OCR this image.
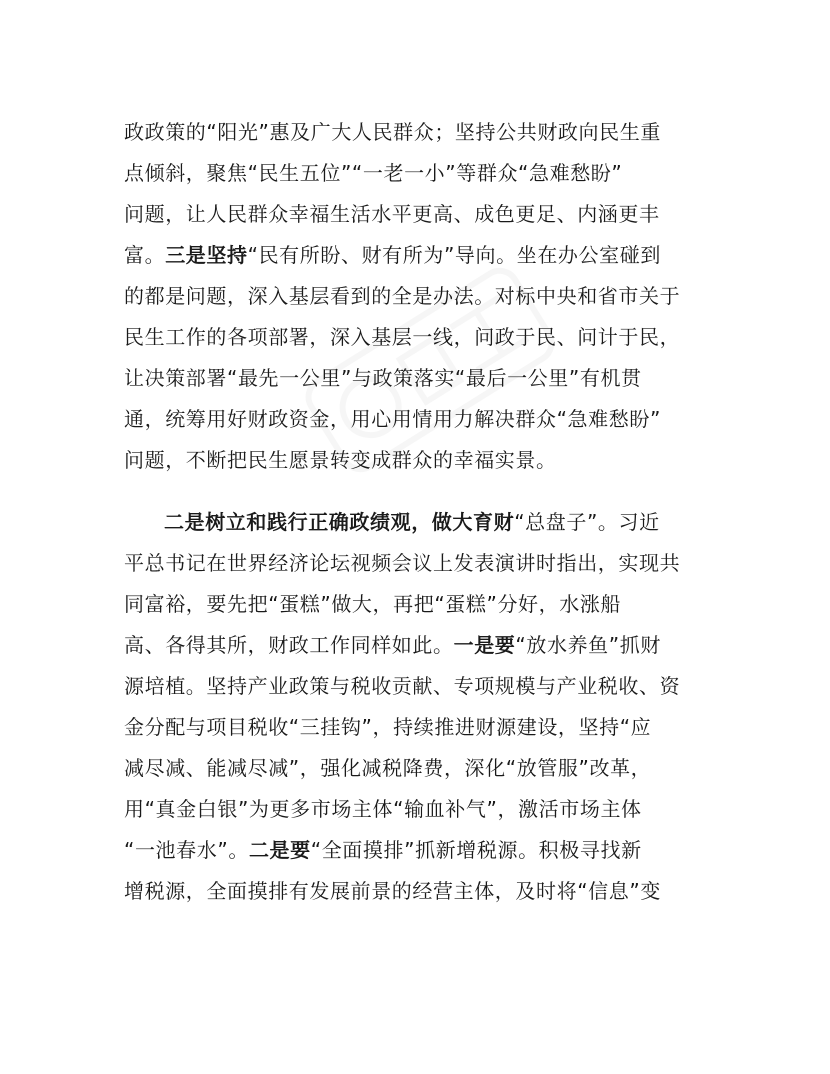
政政策的“阳光”惠及广大人民群众；坚持公共财政向民生重
点倾斜，聚焦“民生五位”“一老一小”等群众“急难愁盼”
问题，让人民群众幸福生活水平更高、成色更足、内涵更丰
富。三是坚持“民有所盼、财有所为”导向。坐在办公室碰到
的都是问题，深入基层看到的全是办法。对标中央和省市关于
民生工作的各项部署，深入基层一线，问政于民、问计于民，
让决策部署“最先一公里”与政策落实“最后一公里”有机贯
通，统筹用好财政资金，用心用情用力解决群众“急难愁盼”
问题，不断把民生愿景转变成群众的幸福实景。

二是树立和践行正确政绩观，做大育财“总盘子”。习近
平总书记在世界经济论坛视频会议上发表演讲时指出，实现共
同富裕，要先把“蛋糕”做大，再把“蛋糕”分好，水涨船
高、各得其所，财政工作同样如此。一是要“放水养鱼”抓财
源培植。坚持产业政策与税收贡献、专项规模与产业税收、资
金分配与项目税收“三挂钩”，持续推进财源建设，坚持“应
减尽减、能减尽减”，强化减税降费，深化“放管服”改革，
用“真金白银”为更多市场主体“输血补气”，激活市场主体
“一池春水”。二是要“全面摸排”抓新增税源。积极寻找新
增税源，全面摸排有发展前景的经营主体，及时将“信息”变
